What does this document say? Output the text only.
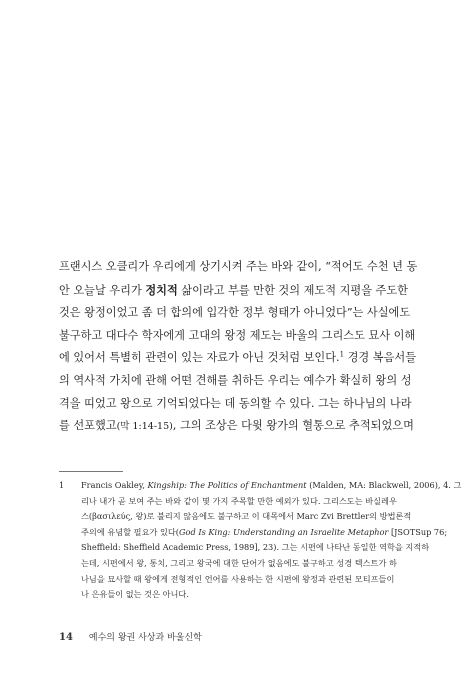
프랜시스 오클리가 우리에게 상기시켜 주는 바와 같이, “적어도 수천 년 동
안 오늘날 우리가 정치적 삶이라고 부를 만한 것의 제도적 지평을 주도한
것은 왕정이었고 좀 더 합의에 입각한 정부 형태가 아니었다”는 사실에도
불구하고 대다수 학자에게 고대의 왕정 제도는 바울의 그리스도 묘사 이해
에 있어서 특별히 관련이 있는 자료가 아닌 것처럼 보인다.$^1$ 경경 복음서들
의 역사적 가치에 관해 어떤 견해를 취하든 우리는 예수가 확실히 왕의 성
격을 띠었고 왕으로 기억되었다는 데 동의할 수 있다. 그는 하나님의 나라
를 선포했고(막 1:14-15), 그의 조상은 다윗 왕가의 혈통으로 추적되었으며
1 Francis Oakley, Kingship: The Politics of Enchantment (Malden, MA: Blackwell, 2006), 4. 그
리나 내가 곧 보여 주는 바와 같이 몇 가지 주목할 만한 예외가 있다. 그리스도는 바실레우
스(βασιλεύς, 왕)로 불리지 않음에도 불구하고 이 대목에서 Marc Zvi Brettler의 방법론적
주의에 유념할 필요가 있다(God Is King: Understanding an Israelite Metaphor [JSOTSup 76;
Sheffield: Sheffield Academic Press, 1989], 23). 그는 시편에 나타난 동일한 역학을 지적하
는데, 시편에서 왕, 통치, 그리고 왕국에 대한 단어가 없음에도 불구하고 성경 텍스트가 하
나님을 묘사할 때 왕에게 전형적인 언어를 사용하는 한 시편에 왕정과 관련된 모티프들이
나 은유들이 없는 것은 아니다.
14 예수의 왕권 사상과 바울신학
